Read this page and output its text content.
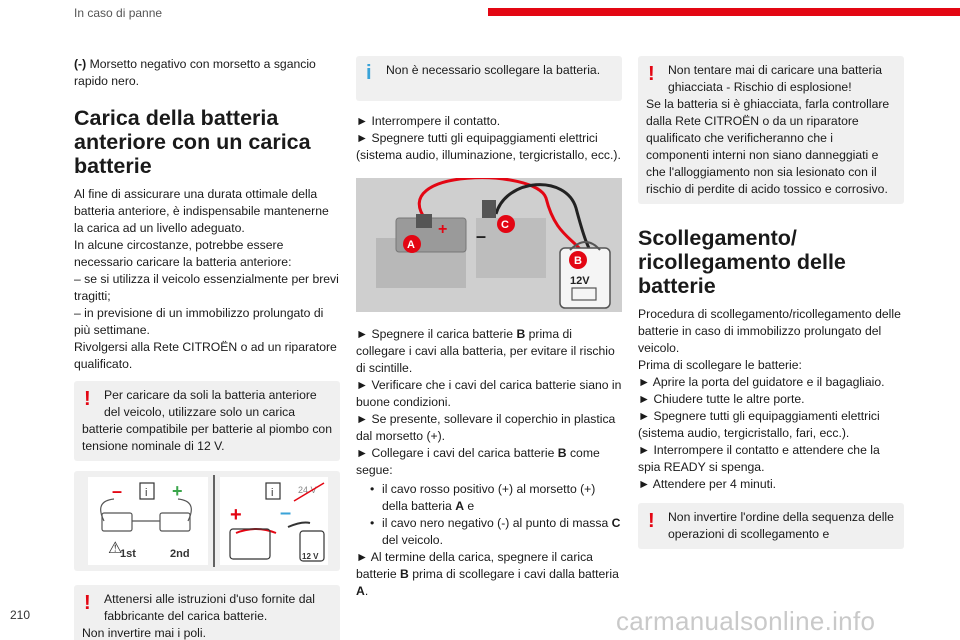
In caso di panne

(-) Morsetto negativo con morsetto a sgancio rapido nero.

Carica della batteria anteriore con un carica batterie

Al fine di assicurare una durata ottimale della batteria anteriore, è indispensabile mantenerne la carica ad un livello adeguato.

In alcune circostanze, potrebbe essere necessario caricare la batteria anteriore:

– se si utilizza il veicolo essenzialmente per brevi tragitti;

– in previsione di un immobilizzo prolungato di più settimane.

Rivolgersi alla Rete CITROËN o ad un riparatore qualificato.

! Per caricare da soli la batteria anteriore del veicolo, utilizzare solo un carica

batterie compatibile per batterie al piombo con tensione nominale di 12 V.

–	+
i
⚠
1st	2nd
i	24 V
+ –
12 V
! Attenersi alle istruzioni d'uso fornite dal fabbricante del carica batterie.

Non invertire mai i poli.

i Non è necessario scollegare la batteria.

► Interrompere il contatto.

► Spegnere tutti gli equipaggiamenti elettrici (sistema audio, illuminazione, tergicristallo, ecc.).

+ –
A
C
B
12V

► Spegnere il carica batterie B prima di collegare i cavi alla batteria, per evitare il rischio di scintille.

► Verificare che i cavi del carica batterie siano in buone condizioni.

► Se presente, sollevare il coperchio in plastica dal morsetto (+).

► Collegare i cavi del carica batterie B come segue:

• il cavo rosso positivo (+) al morsetto (+) della batteria A e
• il cavo nero negativo (-) al punto di massa C del veicolo.

► Al termine della carica, spegnere il carica batterie B prima di scollegare i cavi dalla batteria A.

! Non tentare mai di caricare una batteria ghiacciata - Rischio di esplosione!

Se la batteria si è ghiacciata, farla controllare dalla Rete CITROËN o da un riparatore qualificato che verificheranno che i componenti interni non siano danneggiati e che l'alloggiamento non sia lesionato con il rischio di perdite di acido tossico e corrosivo.

Scollegamento/ ricollegamento delle batterie

Procedura di scollegamento/ricollegamento delle batterie in caso di immobilizzo prolungato del veicolo.

Prima di scollegare le batterie:

► Aprire la porta del guidatore e il bagagliaio.

► Chiudere tutte le altre porte.

► Spegnere tutti gli equipaggiamenti elettrici (sistema audio, tergicristallo, fari, ecc.).

► Interrompere il contatto e attendere che la spia READY si spenga.

► Attendere per 4 minuti.

! Non invertire l'ordine della sequenza delle operazioni di scollegamento e

210	carmanualsonline.info
